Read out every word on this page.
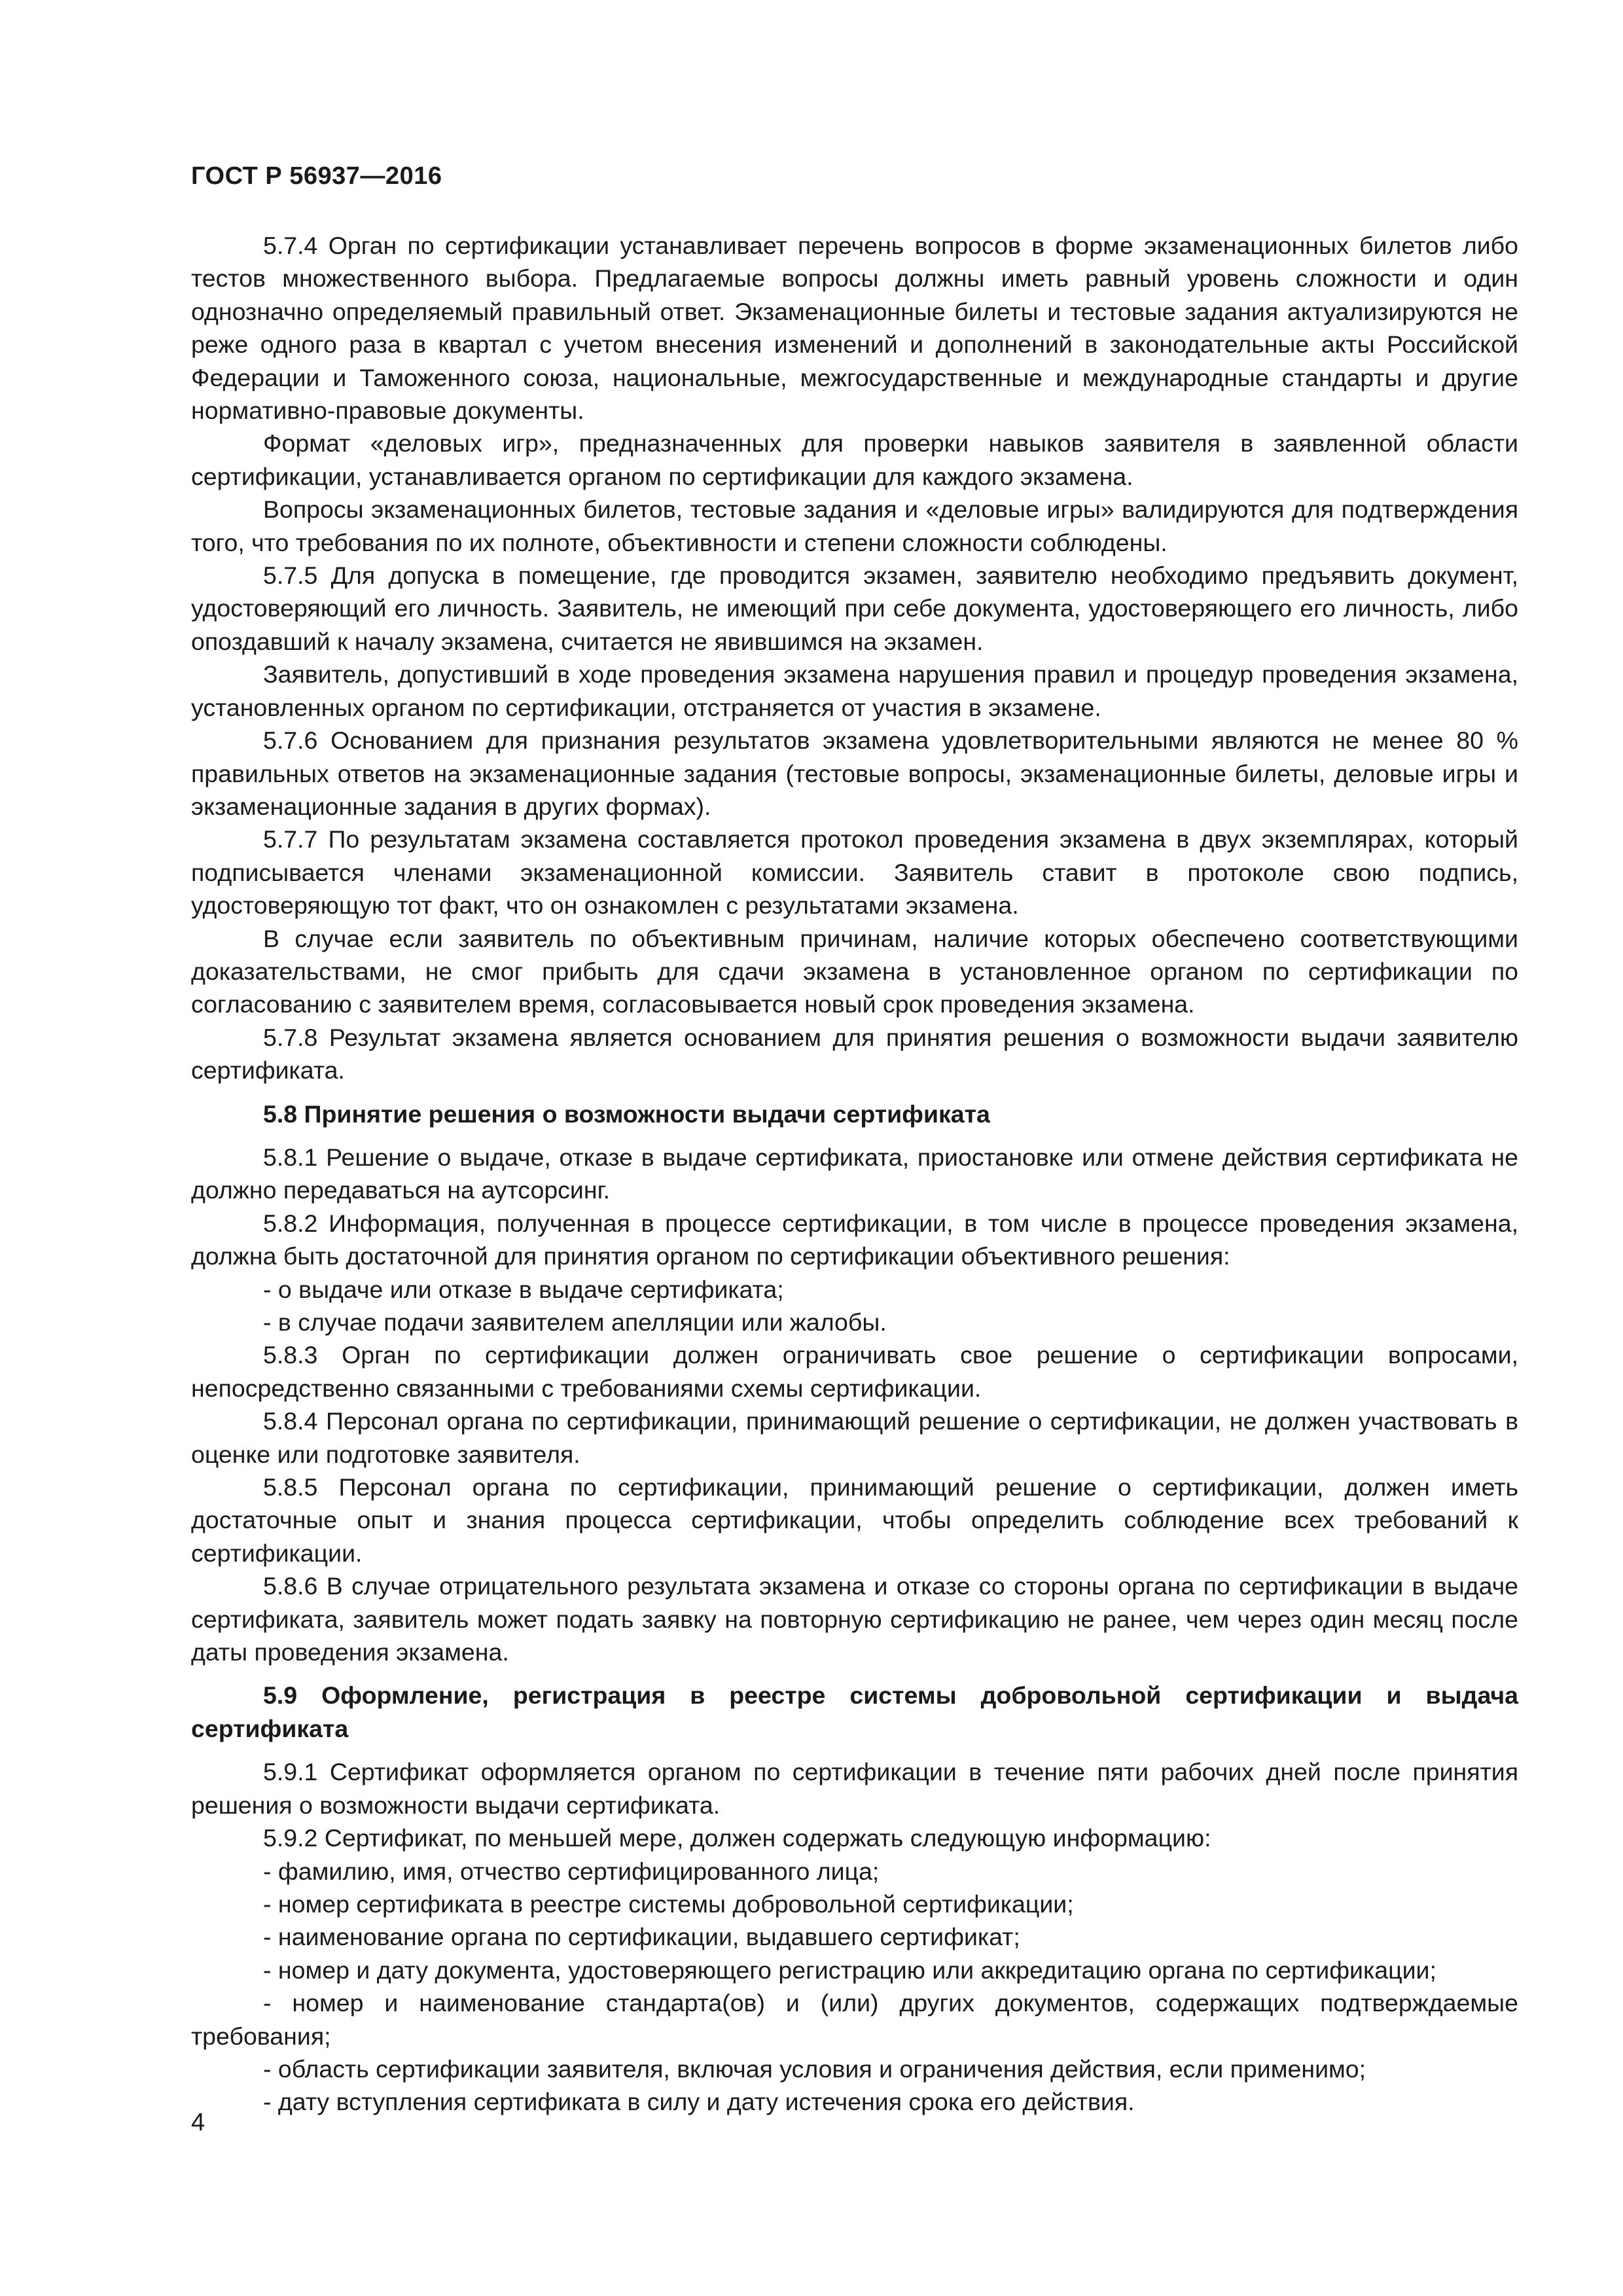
ГОСТ Р 56937—2016

5.7.4 Орган по сертификации устанавливает перечень вопросов в форме экзаменационных билетов либо тестов множественного выбора. Предлагаемые вопросы должны иметь равный уровень сложности и один однозначно определяемый правильный ответ. Экзаменационные билеты и тестовые задания актуализируются не реже одного раза в квартал с учетом внесения изменений и дополнений в законодательные акты Российской Федерации и Таможенного союза, национальные, межгосударственные и международные стандарты и другие нормативно-правовые документы.

Формат «деловых игр», предназначенных для проверки навыков заявителя в заявленной области сертификации, устанавливается органом по сертификации для каждого экзамена.

Вопросы экзаменационных билетов, тестовые задания и «деловые игры» валидируются для подтверждения того, что требования по их полноте, объективности и степени сложности соблюдены.

5.7.5 Для допуска в помещение, где проводится экзамен, заявителю необходимо предъявить документ, удостоверяющий его личность. Заявитель, не имеющий при себе документа, удостоверяющего его личность, либо опоздавший к началу экзамена, считается не явившимся на экзамен.

Заявитель, допустивший в ходе проведения экзамена нарушения правил и процедур проведения экзамена, установленных органом по сертификации, отстраняется от участия в экзамене.

5.7.6 Основанием для признания результатов экзамена удовлетворительными являются не менее 80 % правильных ответов на экзаменационные задания (тестовые вопросы, экзаменационные билеты, деловые игры и экзаменационные задания в других формах).

5.7.7 По результатам экзамена составляется протокол проведения экзамена в двух экземплярах, который подписывается членами экзаменационной комиссии. Заявитель ставит в протоколе свою подпись, удостоверяющую тот факт, что он ознакомлен с результатами экзамена.

В случае если заявитель по объективным причинам, наличие которых обеспечено соответствующими доказательствами, не смог прибыть для сдачи экзамена в установленное органом по сертификации по согласованию с заявителем время, согласовывается новый срок проведения экзамена.

5.7.8 Результат экзамена является основанием для принятия решения о возможности выдачи заявителю сертификата.

5.8 Принятие решения о возможности выдачи сертификата

5.8.1 Решение о выдаче, отказе в выдаче сертификата, приостановке или отмене действия сертификата не должно передаваться на аутсорсинг.

5.8.2 Информация, полученная в процессе сертификации, в том числе в процессе проведения экзамена, должна быть достаточной для принятия органом по сертификации объективного решения:

- о выдаче или отказе в выдаче сертификата;

- в случае подачи заявителем апелляции или жалобы.

5.8.3 Орган по сертификации должен ограничивать свое решение о сертификации вопросами, непосредственно связанными с требованиями схемы сертификации.

5.8.4 Персонал органа по сертификации, принимающий решение о сертификации, не должен участвовать в оценке или подготовке заявителя.

5.8.5 Персонал органа по сертификации, принимающий решение о сертификации, должен иметь достаточные опыт и знания процесса сертификации, чтобы определить соблюдение всех требований к сертификации.

5.8.6 В случае отрицательного результата экзамена и отказе со стороны органа по сертификации в выдаче сертификата, заявитель может подать заявку на повторную сертификацию не ранее, чем через один месяц после даты проведения экзамена.

5.9 Оформление, регистрация в реестре системы добровольной сертификации и выдача сертификата

5.9.1 Сертификат оформляется органом по сертификации в течение пяти рабочих дней после принятия решения о возможности выдачи сертификата.

5.9.2 Сертификат, по меньшей мере, должен содержать следующую информацию:

- фамилию, имя, отчество сертифицированного лица;

- номер сертификата в реестре системы добровольной сертификации;

- наименование органа по сертификации, выдавшего сертификат;

- номер и дату документа, удостоверяющего регистрацию или аккредитацию органа по сертификации;

- номер и наименование стандарта(ов) и (или) других документов, содержащих подтверждаемые требования;

- область сертификации заявителя, включая условия и ограничения действия, если применимо;

- дату вступления сертификата в силу и дату истечения срока его действия.

4
